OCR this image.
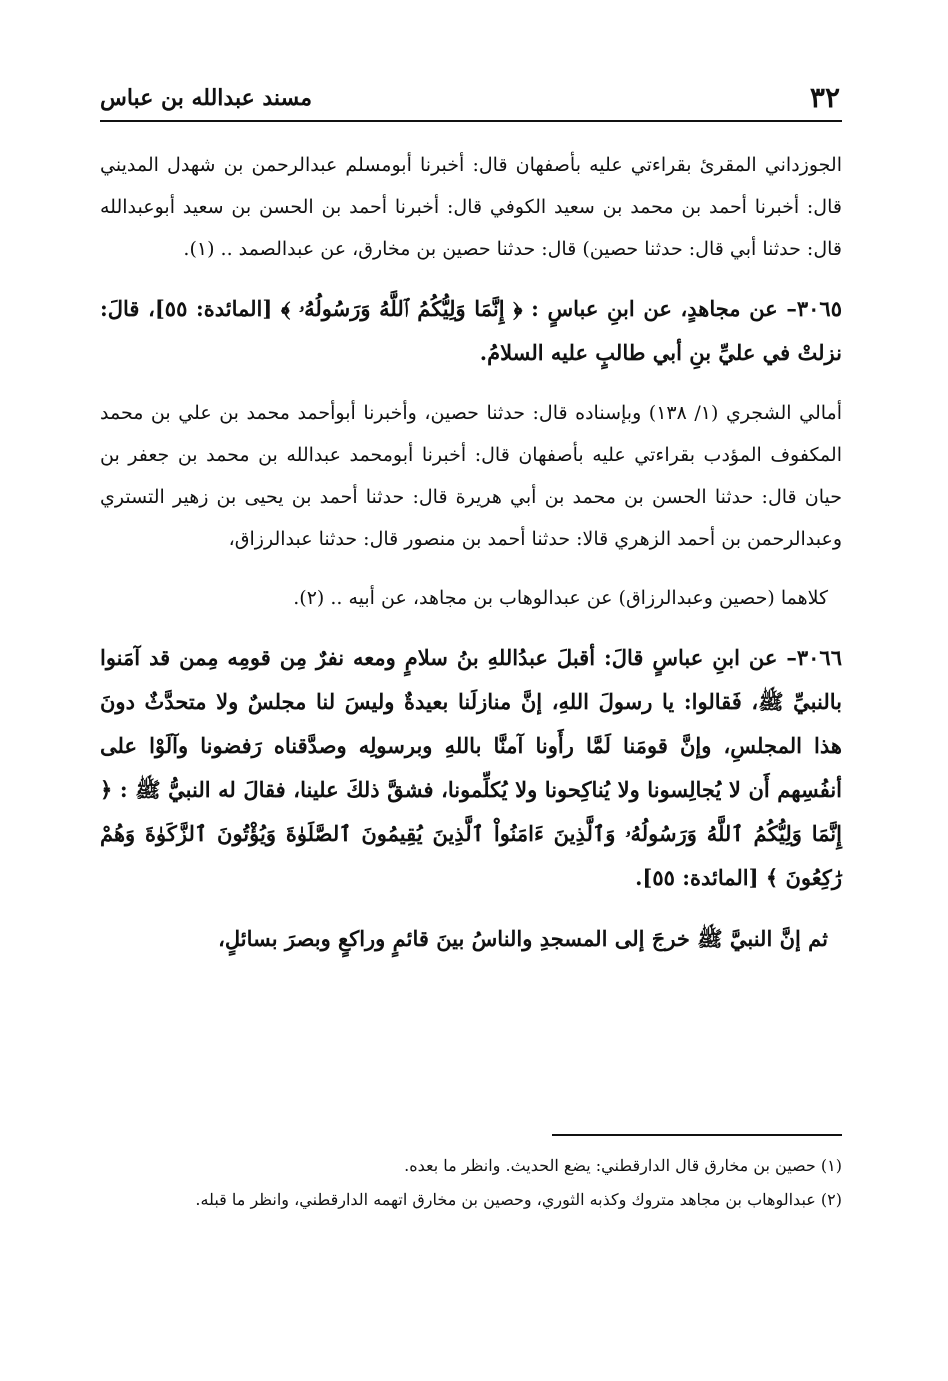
٣٢
مسند عبدالله بن عباس

الجوزداني المقرئ بقراءتي عليه بأصفهان قال: أخبرنا أبومسلم عبدالرحمن بن شهدل المديني قال: أخبرنا أحمد بن محمد بن سعيد الكوفي قال: أخبرنا أحمد بن الحسن بن سعيد أبوعبدالله قال: حدثنا أبي قال: حدثنا حصين) قال: حدثنا حصين بن مخارق، عن عبدالصمد .. (١).

٣٠٦٥– عن مجاهدٍ، عن ابنِ عباسٍ : ﴿ إِنَّمَا وَلِيُّكُمُ ٱللَّهُ وَرَسُولُهُۥ ﴾ [المائدة: ٥٥]، قالَ: نزلتْ في عليِّ بنِ أبي طالبٍ عليه السلامُ.

أمالي الشجري (١/ ١٣٨) وبإسناده قال: حدثنا حصين، وأخبرنا أبوأحمد محمد بن علي بن محمد المكفوف المؤدب بقراءتي عليه بأصفهان قال: أخبرنا أبومحمد عبدالله بن محمد بن جعفر بن حيان قال: حدثنا الحسن بن محمد بن أبي هريرة قال: حدثنا أحمد بن يحيى بن زهير التستري وعبدالرحمن بن أحمد الزهري قالا: حدثنا أحمد بن منصور قال: حدثنا عبدالرزاق،

كلاهما (حصين وعبدالرزاق) عن عبدالوهاب بن مجاهد، عن أبيه .. (٢).

٣٠٦٦– عن ابنِ عباسٍ قالَ: أقبلَ عبدُاللهِ بنُ سلامٍ ومعه نفرٌ مِن قومِه مِمن قد آمَنوا بالنبيِّ ﷺ، فَقالوا: يا رسولَ اللهِ، إنَّ منازلَنا بعيدةٌ وليسَ لنا مجلسٌ ولا متحدَّثٌ دونَ هذا المجلسِ، وإنَّ قومَنا لَمَّا رأَونا آمنَّا باللهِ وبرسولِه وصدَّقناه رَفضونا وآلَوْا على أنفُسِهم أَن لا يُجالِسونا ولا يُناكِحونا ولا يُكلِّمونا، فشقَّ ذلكَ علينا، فقالَ له النبيُّ ﷺ : ﴿ إِنَّمَا وَلِيُّكُمُ ٱللَّهُ وَرَسُولُهُۥ وَٱلَّذِينَ ءَامَنُواْ ٱلَّذِينَ يُقِيمُونَ ٱلصَّلَوٰةَ وَيُؤْتُونَ ٱلزَّكَوٰةَ وَهُمْ رَٰكِعُونَ ﴾ [المائدة: ٥٥].

ثم إنَّ النبيَّ ﷺ خرجَ إلى المسجدِ والناسُ بينَ قائمٍ وراكعٍ وبصرَ بسائلٍ،

(١) حصين بن مخارق قال الدارقطني: يضع الحديث. وانظر ما بعده.

(٢) عبدالوهاب بن مجاهد متروك وكذبه الثوري، وحصين بن مخارق اتهمه الدارقطني، وانظر ما قبله.
